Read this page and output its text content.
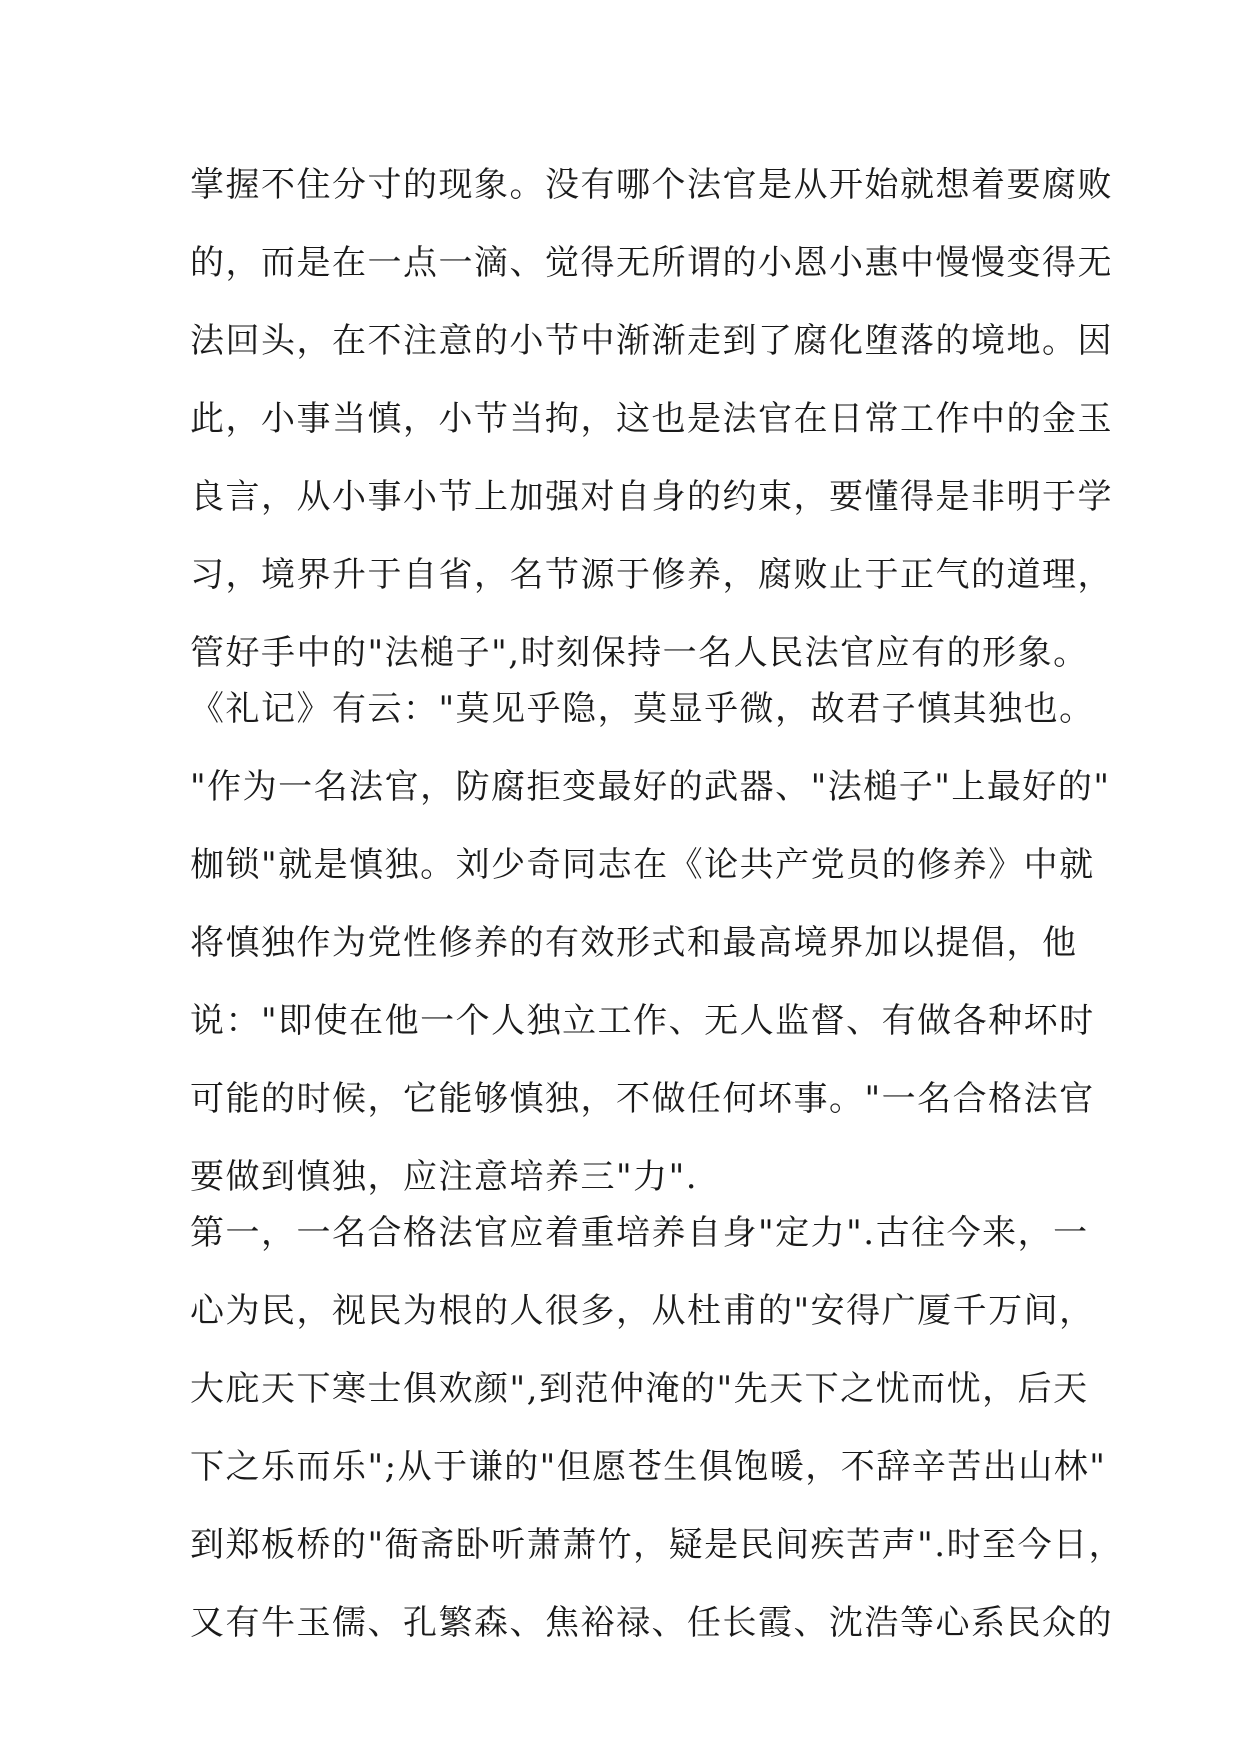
掌握不住分寸的现象。没有哪个法官是从开始就想着要腐败
的，而是在一点一滴、觉得无所谓的小恩小惠中慢慢变得无
法回头，在不注意的小节中渐渐走到了腐化堕落的境地。因
此，小事当慎，小节当拘，这也是法官在日常工作中的金玉
良言，从小事小节上加强对自身的约束，要懂得是非明于学
习，境界升于自省，名节源于修养，腐败止于正气的道理，
管好手中的"法槌子",时刻保持一名人民法官应有的形象。
《礼记》有云："莫见乎隐，莫显乎微，故君子慎其独也。
"作为一名法官，防腐拒变最好的武器、"法槌子"上最好的"
枷锁"就是慎独。刘少奇同志在《论共产党员的修养》中就
将慎独作为党性修养的有效形式和最高境界加以提倡，他
说："即使在他一个人独立工作、无人监督、有做各种坏时
可能的时候，它能够慎独，不做任何坏事。"一名合格法官
要做到慎独，应注意培养三"力".
第一，一名合格法官应着重培养自身"定力".古往今来，一
心为民，视民为根的人很多，从杜甫的"安得广厦千万间，
大庇天下寒士俱欢颜",到范仲淹的"先天下之忧而忧，后天
下之乐而乐";从于谦的"但愿苍生俱饱暖，不辞辛苦出山林"
到郑板桥的"衙斋卧听萧萧竹，疑是民间疾苦声".时至今日，
又有牛玉儒、孔繁森、焦裕禄、任长霞、沈浩等心系民众的
